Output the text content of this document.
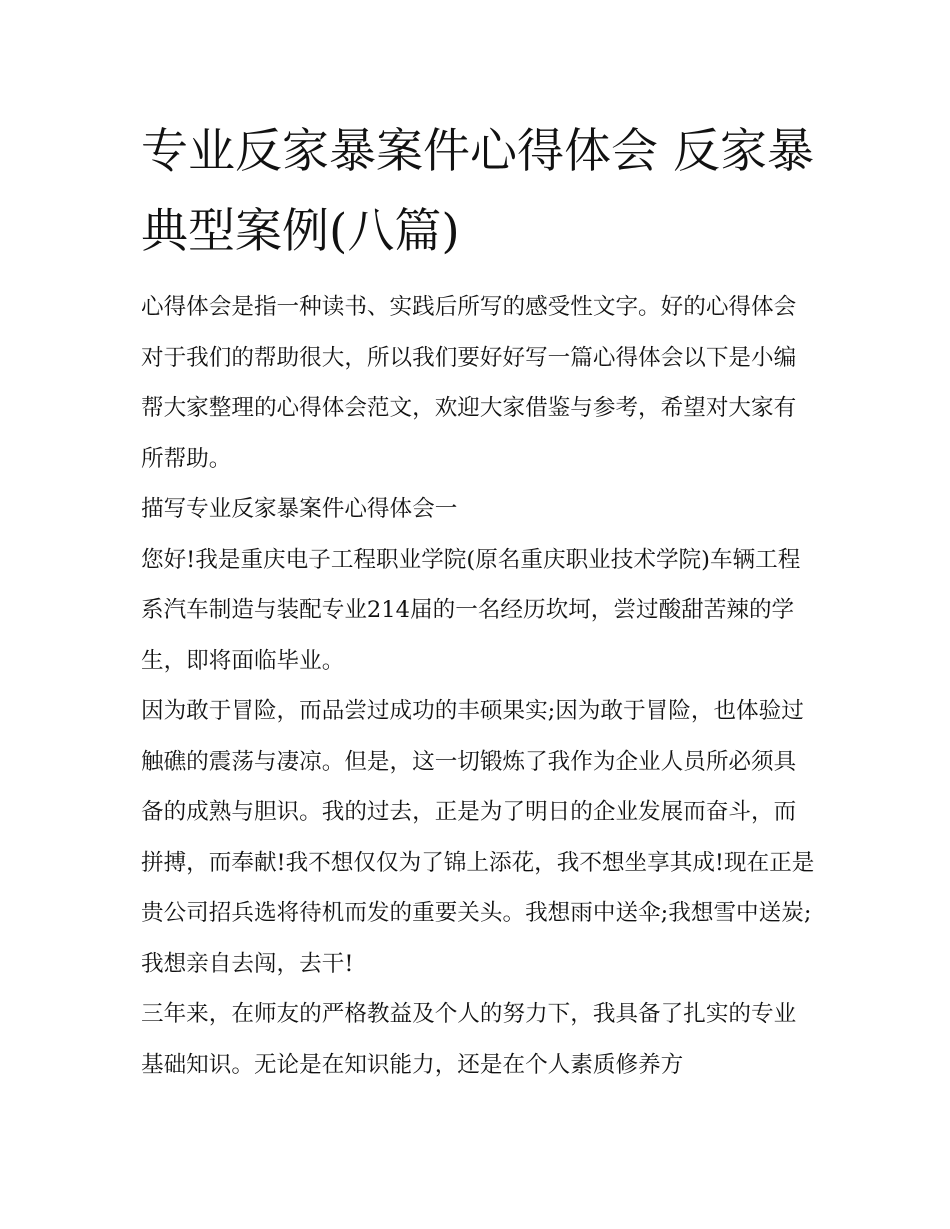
专业反家暴案件心得体会 反家暴典型案例(八篇)

心得体会是指一种读书、实践后所写的感受性文字。好的心得体会对于我们的帮助很大，所以我们要好好写一篇心得体会以下是小编帮大家整理的心得体会范文，欢迎大家借鉴与参考，希望对大家有所帮助。

描写专业反家暴案件心得体会一

您好!我是重庆电子工程职业学院(原名重庆职业技术学院)车辆工程系汽车制造与装配专业214届的一名经历坎坷，尝过酸甜苦辣的学生，即将面临毕业。

因为敢于冒险，而品尝过成功的丰硕果实;因为敢于冒险，也体验过触礁的震荡与凄凉。但是，这一切锻炼了我作为企业人员所必须具备的成熟与胆识。我的过去，正是为了明日的企业发展而奋斗，而拼搏，而奉献!我不想仅仅为了锦上添花，我不想坐享其成!现在正是贵公司招兵选将待机而发的重要关头。我想雨中送伞;我想雪中送炭;我想亲自去闯，去干!

三年来，在师友的严格教益及个人的努力下，我具备了扎实的专业基础知识。无论是在知识能力，还是在个人素质修养方
